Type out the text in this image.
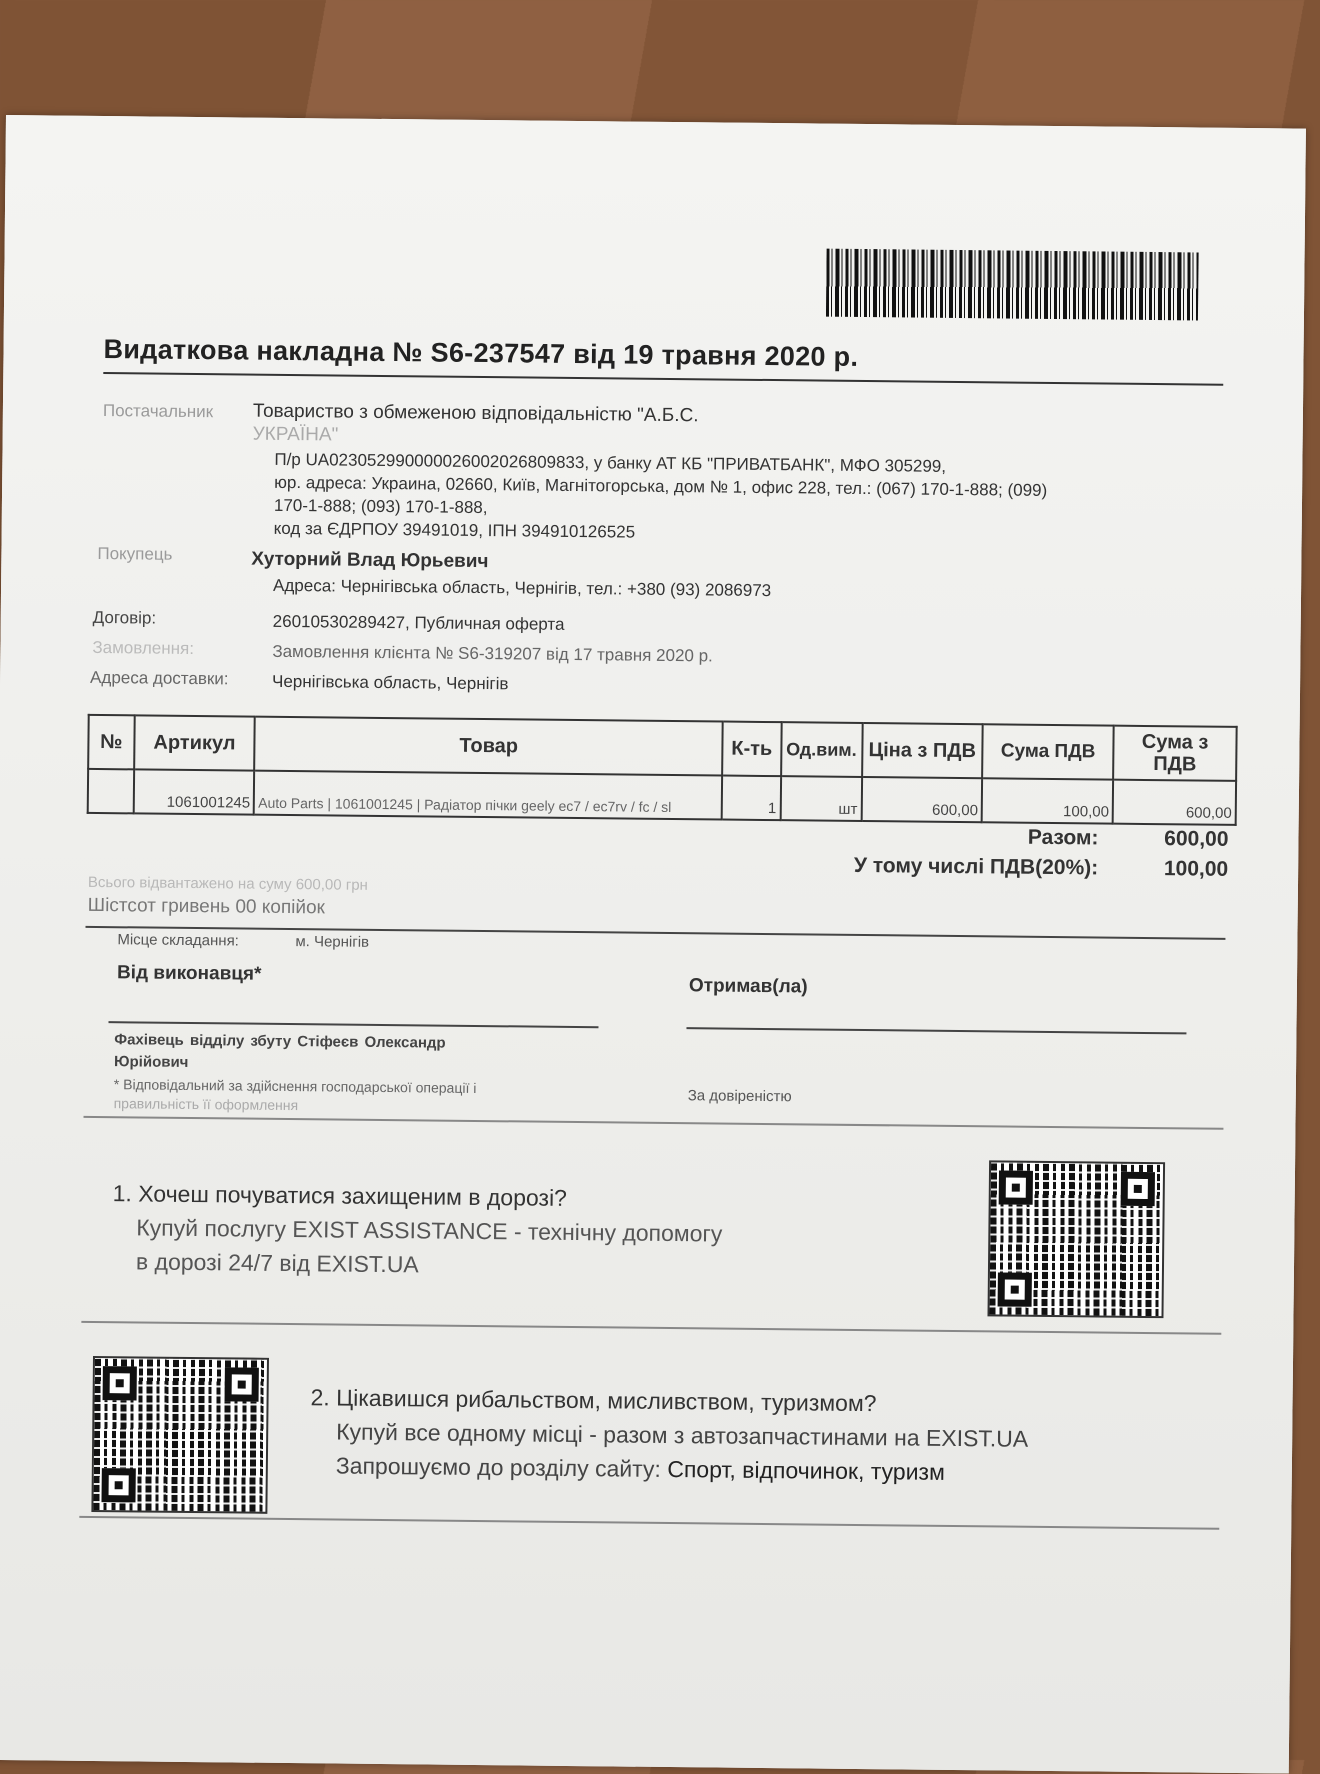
Видаткова накладна № S6-237547 від 19 травня 2020 р.
Постачальник Товариство з обмеженою відповідальністю "А.Б.С.
УКРАЇНА"
П/р UA023052990000026002026809833, у банку АТ КБ "ПРИВАТБАНК", МФО 305299,
юр. адреса: Украина, 02660, Київ, Магнітогорська, дом № 1, офис 228, тел.: (067) 170-1-888; (099)
170-1-888; (093) 170-1-888,
код за ЄДРПОУ 39491019, ІПН 394910126525
Покупець	Хуторний Влад Юрьевич
Адреса: Чернігівська область, Чернігів, тел.: +380 (93) 2086973
Договір:	26010530289427, Публичная оферта
Замовлення:	Замовлення клієнта № S6-319207 від 17 травня 2020 р.
Адреса доставки:	Чернігівська область, Чернігів
№	Артикул	Товар	К-ть	Од.вим.	Ціна з ПДВ	Сума ПДВ	Сума з ПДВ
	1061001245	Auto Parts | 1061001245 | Радіатор пічки geely ec7 / ec7rv / fc / sl	1	шт	600,00	100,00	600,00
Разом:	600,00
У тому числі ПДВ(20%):	100,00
Всього відвантажено на суму 600,00 грн
Шістсот гривень 00 копійок
Місце складання:	м. Чернігів
Від виконавця*
Отримав(ла)
Фахівець відділу збуту Стіфеєв Олександр
Юрійович
* Відповідальний за здійснення господарської операції і
правильність її оформлення	За довіреністю
1. Хочеш почуватися захищеним в дорозі?
Купуй послугу EXIST ASSISTANCE - технічну допомогу
в дорозі 24/7 від EXIST.UA
2. Цікавишся рибальством, мисливством, туризмом?
Купуй все одному місці - разом з автозапчастинами на EXIST.UA
Запрошуємо до розділу сайту: Спорт, відпочинок, туризм
